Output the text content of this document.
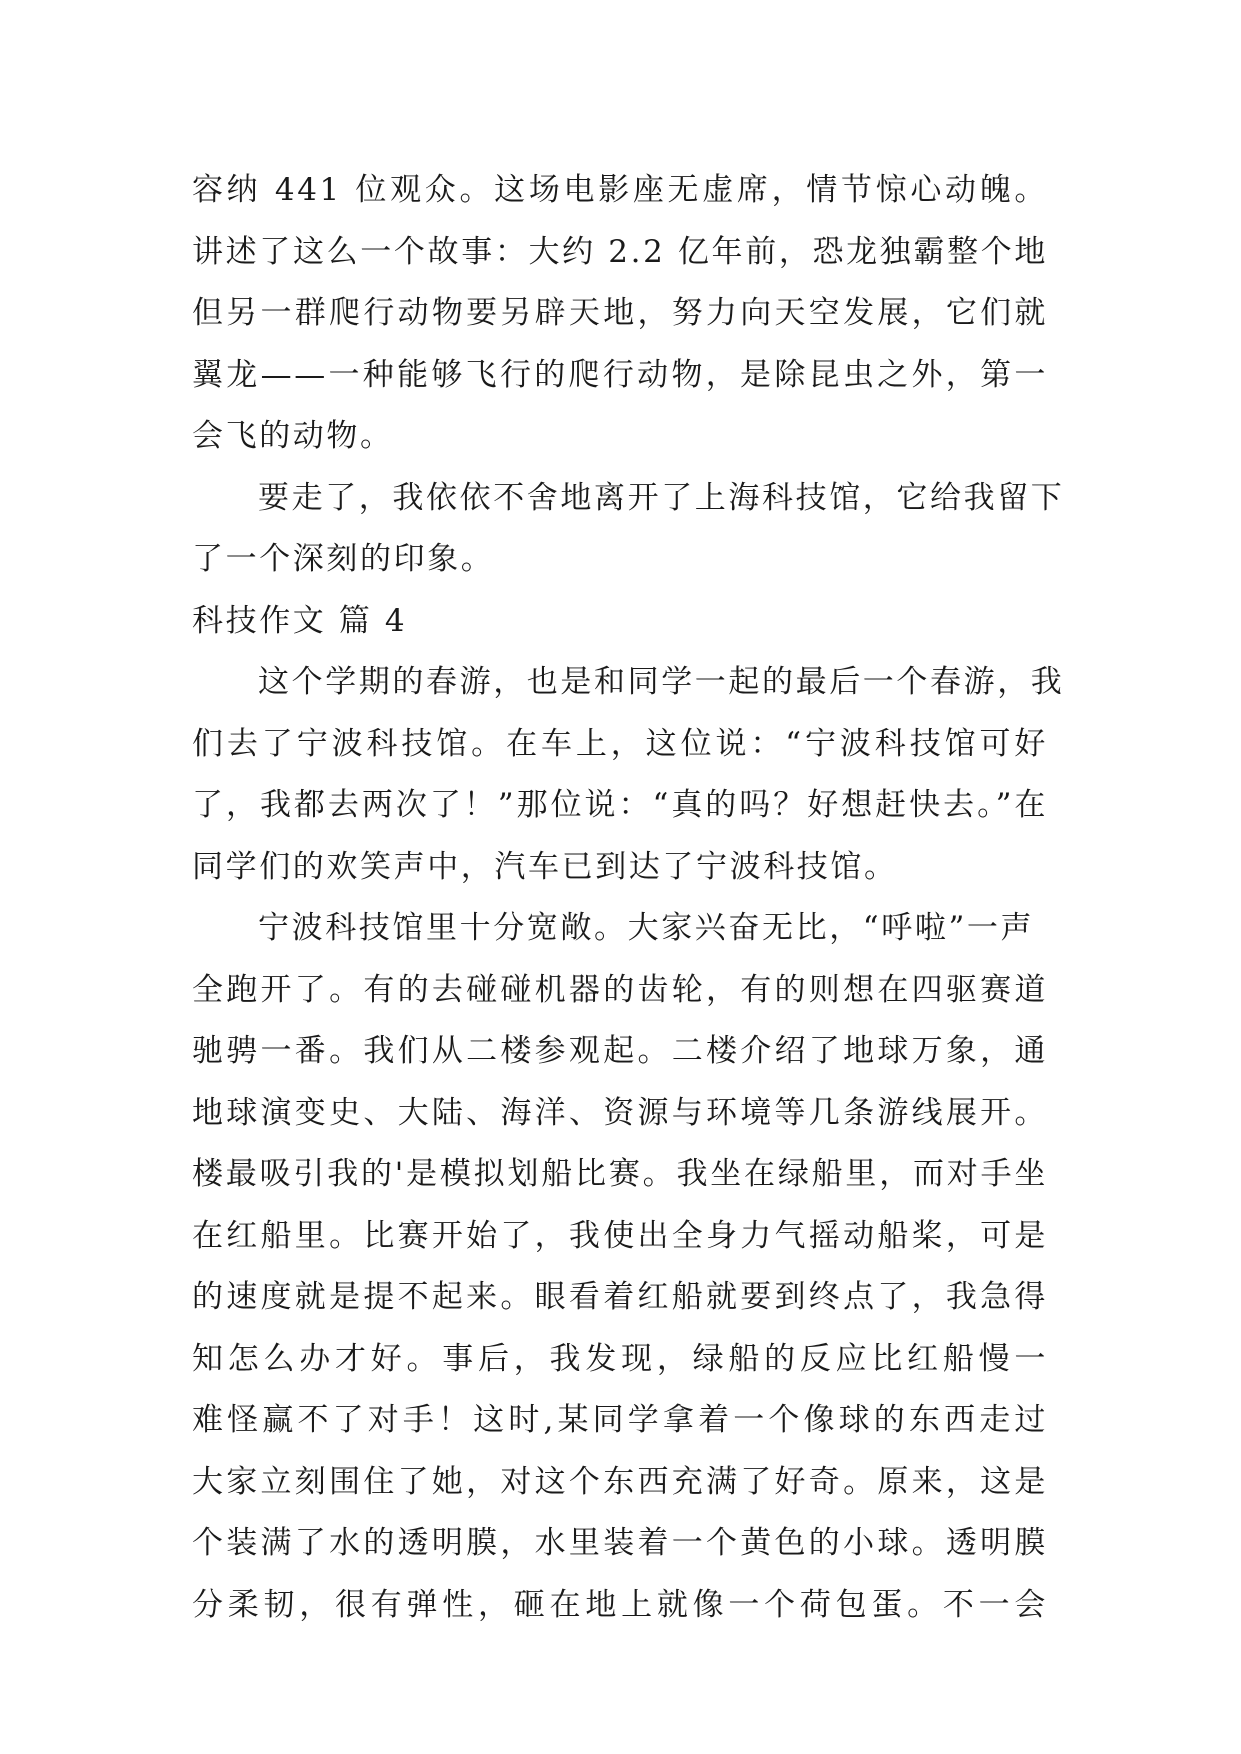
容纳 441 位观众。这场电影座无虚席，情节惊心动魄。
讲述了这么一个故事：大约 2.2 亿年前，恐龙独霸整个地
但另一群爬行动物要另辟天地，努力向天空发展，它们就
翼龙——一种能够飞行的爬行动物，是除昆虫之外，第一
会飞的动物。
要走了，我依依不舍地离开了上海科技馆，它给我留下
了一个深刻的印象。
科技作文 篇 4
这个学期的春游，也是和同学一起的最后一个春游，我
们去了宁波科技馆。在车上，这位说：“宁波科技馆可好
了，我都去两次了！”那位说：“真的吗？好想赶快去。”在
同学们的欢笑声中，汽车已到达了宁波科技馆。
宁波科技馆里十分宽敞。大家兴奋无比，“呼啦”一声
全跑开了。有的去碰碰机器的齿轮，有的则想在四驱赛道
驰骋一番。我们从二楼参观起。二楼介绍了地球万象，通
地球演变史、大陆、海洋、资源与环境等几条游线展开。
楼最吸引我的'是模拟划船比赛。我坐在绿船里，而对手坐
在红船里。比赛开始了，我使出全身力气摇动船桨，可是
的速度就是提不起来。眼看着红船就要到终点了，我急得
知怎么办才好。事后，我发现，绿船的反应比红船慢一
难怪赢不了对手！这时,某同学拿着一个像球的东西走过
大家立刻围住了她，对这个东西充满了好奇。原来，这是
个装满了水的透明膜，水里装着一个黄色的小球。透明膜
分柔韧，很有弹性，砸在地上就像一个荷包蛋。不一会
